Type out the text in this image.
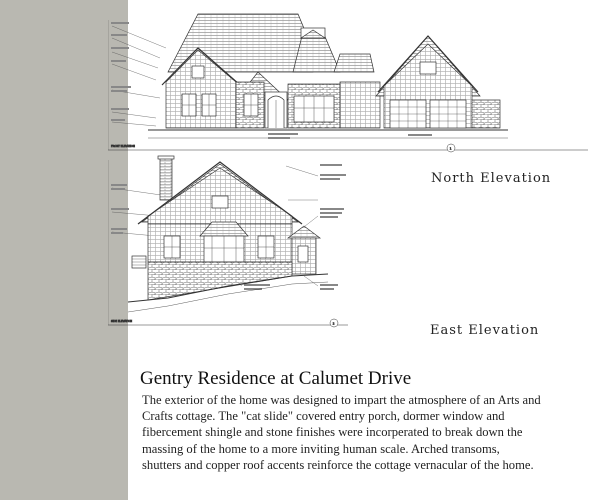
1
FRONT ELEVATION
2
SIDE ELEVATION
North Elevation
East Elevation
Gentry Residence at Calumet Drive

The exterior of the home was designed to impart the atmosphere of an Arts and Crafts cottage. The "cat slide" covered entry porch, dormer window and fibercement shingle and stone finishes were incorperated to break down the massing of the home to a more inviting human scale. Arched transoms, shutters and copper roof accents reinforce the cottage vernacular of the home.
